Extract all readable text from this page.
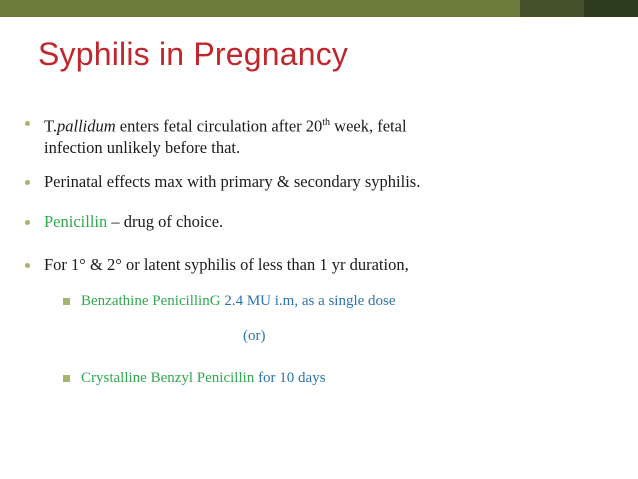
Syphilis in Pregnancy
T.pallidum enters fetal circulation after 20th week, fetal
infection unlikely before that.
Perinatal effects max with primary & secondary syphilis.
Penicillin – drug of choice.
For 1° & 2° or latent syphilis of less than 1 yr duration,
Benzathine PenicillinG 2.4 MU i.m, as a single dose
(or)
Crystalline Benzyl Penicillin for 10 days
